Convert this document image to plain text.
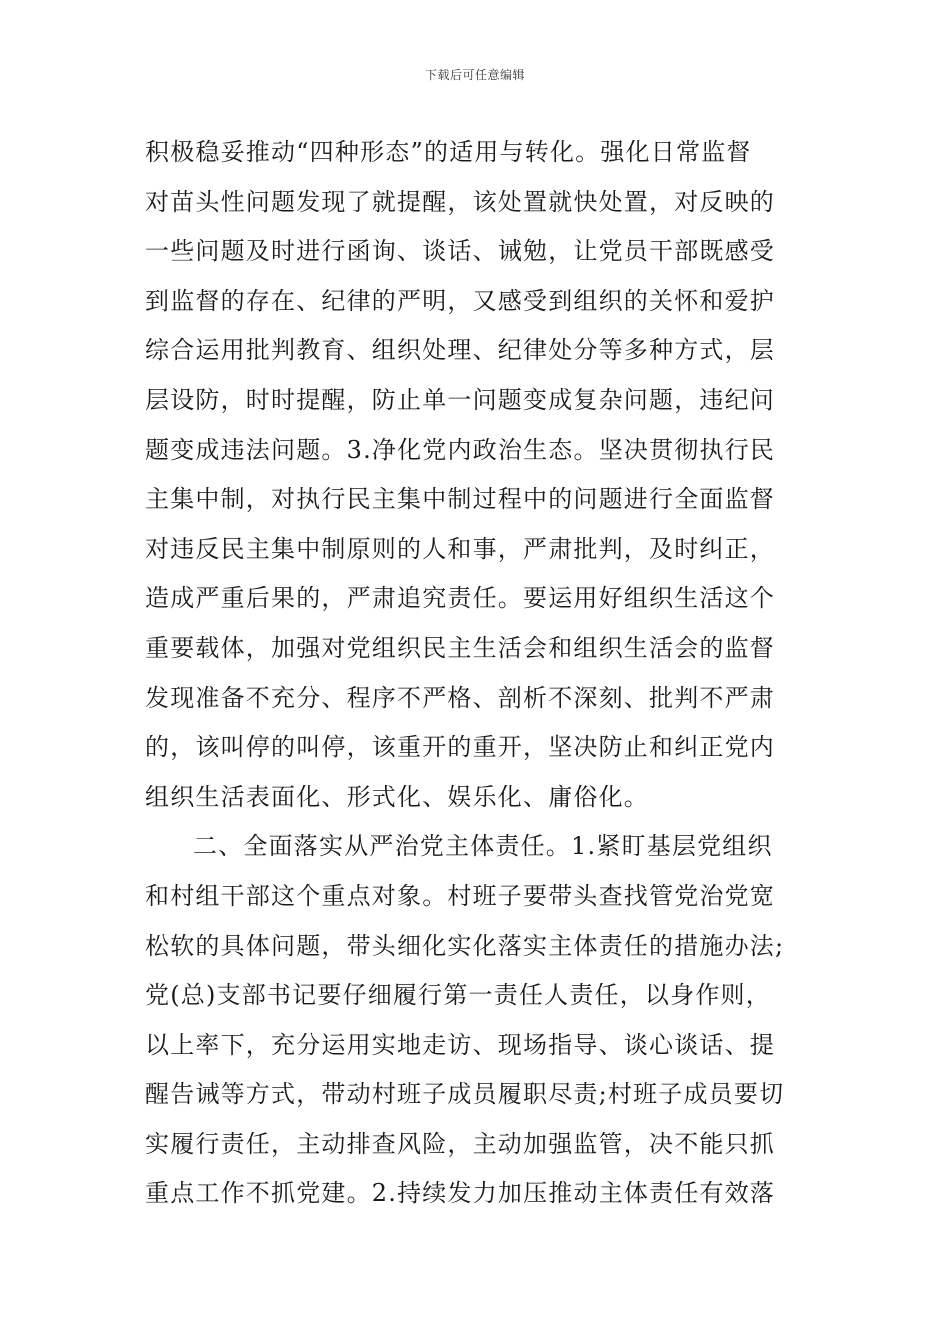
下载后可任意编辑
积极稳妥推动“四种形态”的适用与转化。强化日常监督
对苗头性问题发现了就提醒，该处置就快处置，对反映的
一些问题及时进行函询、谈话、诫勉，让党员干部既感受
到监督的存在、纪律的严明，又感受到组织的关怀和爱护
综合运用批判教育、组织处理、纪律处分等多种方式，层
层设防，时时提醒，防止单一问题变成复杂问题，违纪问
题变成违法问题。3.净化党内政治生态。坚决贯彻执行民
主集中制，对执行民主集中制过程中的问题进行全面监督
对违反民主集中制原则的人和事，严肃批判，及时纠正，
造成严重后果的，严肃追究责任。要运用好组织生活这个
重要载体，加强对党组织民主生活会和组织生活会的监督
发现准备不充分、程序不严格、剖析不深刻、批判不严肃
的，该叫停的叫停，该重开的重开，坚决防止和纠正党内
组织生活表面化、形式化、娱乐化、庸俗化。
二、全面落实从严治党主体责任。1.紧盯基层党组织
和村组干部这个重点对象。村班子要带头查找管党治党宽
松软的具体问题，带头细化实化落实主体责任的措施办法;
党(总)支部书记要仔细履行第一责任人责任，以身作则，
以上率下，充分运用实地走访、现场指导、谈心谈话、提
醒告诫等方式，带动村班子成员履职尽责;村班子成员要切
实履行责任，主动排查风险，主动加强监管，决不能只抓
重点工作不抓党建。2.持续发力加压推动主体责任有效落
